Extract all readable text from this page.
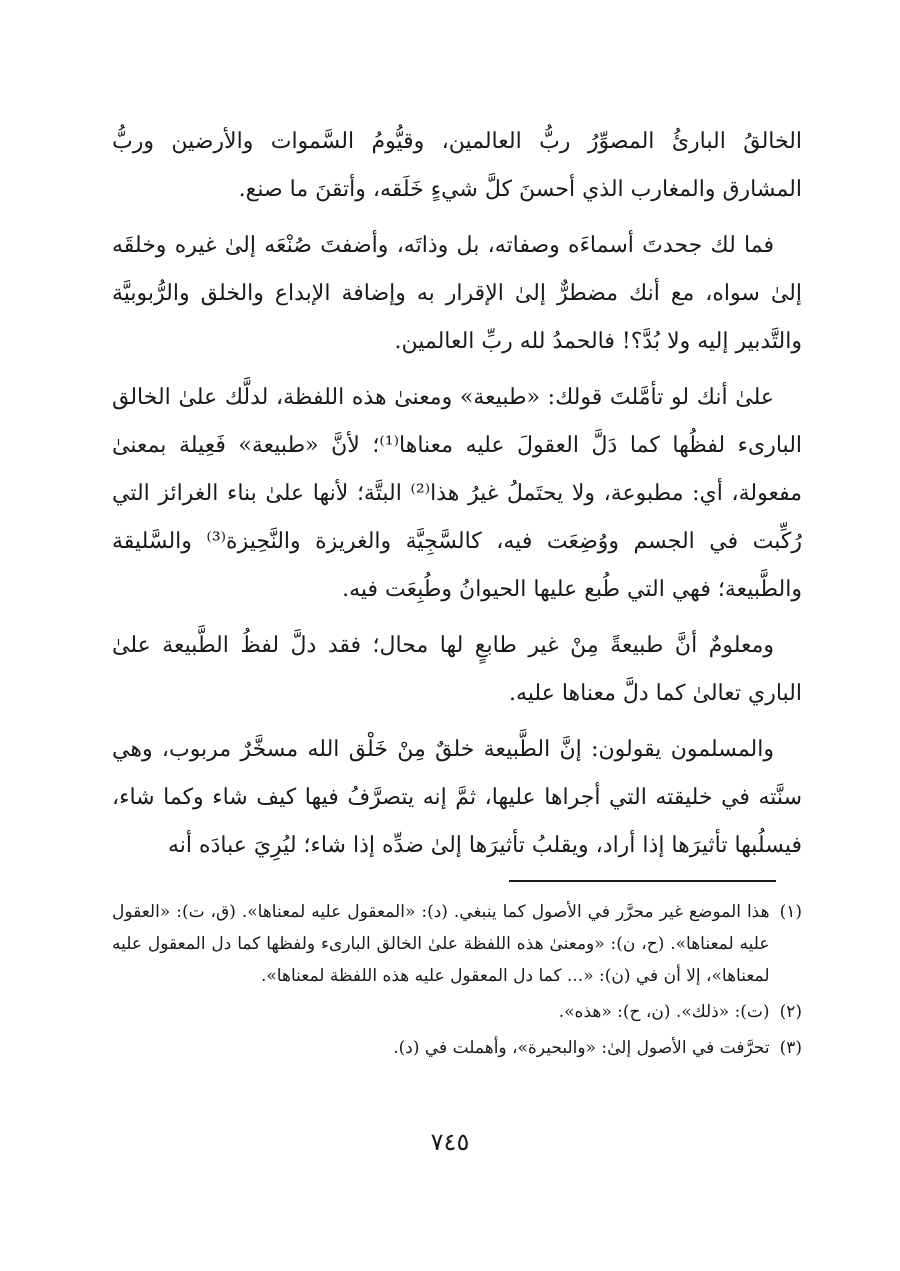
الخالقُ البارئُ المصوِّرُ ربُّ العالمين، وقيُّومُ السَّموات والأرضين وربُّ المشارق والمغارب الذي أحسنَ كلَّ شيءٍ خَلَقه، وأتقنَ ما صنع.

فما لك جحدتَ أسماءَه وصفاته، بل وذاتَه، وأضفتَ صُنْعَه إلىٰ غيره وخلقَه إلىٰ سواه، مع أنك مضطرٌّ إلىٰ الإقرار به وإضافة الإبداع والخلق والرُّبوبيَّة والتَّدبير إليه ولا بُدَّ؟! فالحمدُ لله ربِّ العالمين.

علىٰ أنك لو تأمَّلتَ قولك: «طبيعة» ومعنىٰ هذه اللفظة، لدلَّك علىٰ الخالق البارىء لفظُها كما دَلَّ العقولَ عليه معناها⁽¹⁾؛ لأنَّ «طبيعة» فَعِيلة بمعنىٰ مفعولة، أي: مطبوعة، ولا يحتَملُ غيرُ هذا⁽²⁾ البتَّة؛ لأنها علىٰ بناء الغرائز التي رُكِّبت في الجسم ووُضِعَت فيه، كالسَّجِيَّة والغريزة والنَّحِيزة⁽³⁾ والسَّليقة والطَّبيعة؛ فهي التي طُبع عليها الحيوانُ وطُبِعَت فيه.

ومعلومٌ أنَّ طبيعةً مِنْ غير طابعٍ لها محال؛ فقد دلَّ لفظُ الطَّبيعة علىٰ الباري تعالىٰ كما دلَّ معناها عليه.

والمسلمون يقولون: إنَّ الطَّبيعة خلقٌ مِنْ خَلْق الله مسخَّرٌ مربوب، وهي سنَّته في خليقته التي أجراها عليها، ثمَّ إنه يتصرَّفُ فيها كيف شاء وكما شاء، فيسلُبها تأثيرَها إذا أراد، ويقلبُ تأثيرَها إلىٰ ضدِّه إذا شاء؛ ليُرِيَ عبادَه أنه

(١)
هذا الموضع غير محرَّر في الأصول كما ينبغي. (د): «المعقول عليه لمعناها». (ق، ت): «العقول عليه لمعناها». (ح، ن): «ومعنىٰ هذه اللفظة علىٰ الخالق البارىء ولفظها كما دل المعقول عليه لمعناها»، إلا أن في (ن): «... كما دل المعقول عليه هذه اللفظة لمعناها».
(٢)
(ت): «ذلك». (ن، ح): «هذه».
(٣)
تحرَّفت في الأصول إلىٰ: «والبحيرة»، وأهملت في (د).
٧٤٥
